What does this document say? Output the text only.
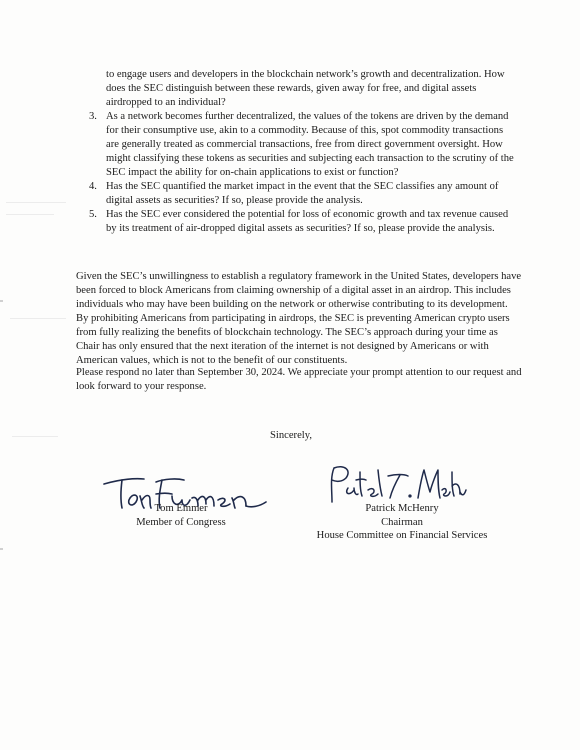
to engage users and developers in the blockchain network’s growth and decentralization. How does the SEC distinguish between these rewards, given away for free, and digital assets airdropped to an individual?

3. As a network becomes further decentralized, the values of the tokens are driven by the demand for their consumptive use, akin to a commodity. Because of this, spot commodity transactions are generally treated as commercial transactions, free from direct government oversight. How might classifying these tokens as securities and subjecting each transaction to the scrutiny of the SEC impact the ability for on-chain applications to exist or function?
4. Has the SEC quantified the market impact in the event that the SEC classifies any amount of digital assets as securities? If so, please provide the analysis.
5. Has the SEC ever considered the potential for loss of economic growth and tax revenue caused by its treatment of air-dropped digital assets as securities? If so, please provide the analysis.

Given the SEC’s unwillingness to establish a regulatory framework in the United States, developers have been forced to block Americans from claiming ownership of a digital asset in an airdrop. This includes individuals who may have been building on the network or otherwise contributing to its development. By prohibiting Americans from participating in airdrops, the SEC is preventing American crypto users from fully realizing the benefits of blockchain technology. The SEC’s approach during your time as Chair has only ensured that the next iteration of the internet is not designed by Americans or with American values, which is not to the benefit of our constituents.

Please respond no later than September 30, 2024. We appreciate your prompt attention to our request and look forward to your response.

Sincerely,
Tom Emmer
Member of Congress
Patrick McHenry
Chairman
House Committee on Financial Services
